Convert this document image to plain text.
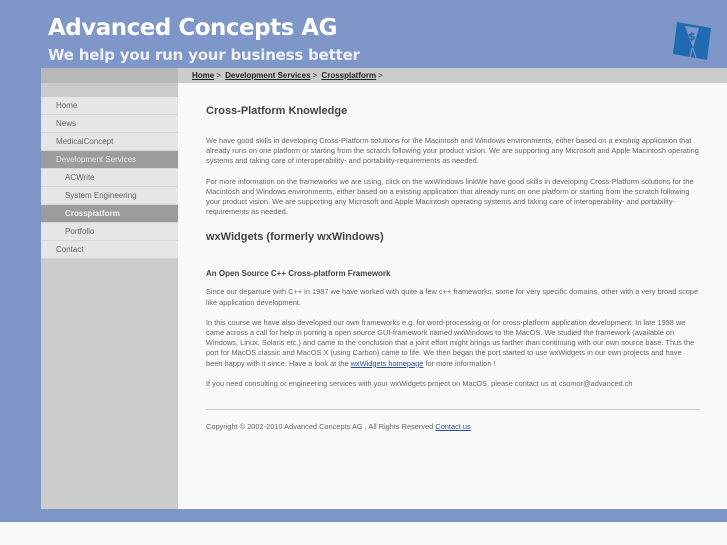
Advanced Concepts AG
We help you run your business better
$
Home
News
MedicalConcept
Development Services
ACWrite
System Engineering
Crossplatform
Portfolio
Contact
Home > Development Services > Crossplatform >
Cross-Platform Knowledge

We have good skills in developing Cross-Platform solutions for the Macintosh and Windows environments, either based on a existing application that already runs on one platform or starting from the scratch following your product vision. We are supporting any Microsoft and Apple Macintosh operating systems and taking care of interoperability- and portability-requirements as needed.

For more information on the frameworks we are using, click on the wxWindows linkWe have good skills in developing Cross-Platform solutions for the Macintosh and Windows environments, either based on a existing application that already runs on one platform or starting from the scratch following your product vision. We are supporting any Microsoft and Apple Macintosh operating systems and taking care of interoperability- and portability-requirements as needed.

wxWidgets (formerly wxWindows)
An Open Source C++ Cross-platform Framework

Since our departure with C++ in 1987 we have worked with quite a few c++ frameworks, some for very specific domains, other with a very broad scope like application development.

In this course we have also developed our own frameworks e.g. for word-processing or for cross-platform application development. In late 1998 we came across a call for help in porting a open source GUI-framework named wxWindows to the MacOS. We studied the framework (available on Windows, Linux, Solaris etc.) and came to the conclusion that a joint effort might brings us farther than continuing with our own source base. Thus the port for MacOS classic and MacOS X (using Carbon) came to life. We then began the port started to use wxWidgets in our own projects and have been happy with it since. Have a look at the wxWidgets homepage for more information !

If you need consulting or engineering services with your wxWidgets project on MacOS, please contact us at csomor@advanced.ch

Copyright © 2002-2010 Advanced Concepts AG , All Rights Reserved Contact us
